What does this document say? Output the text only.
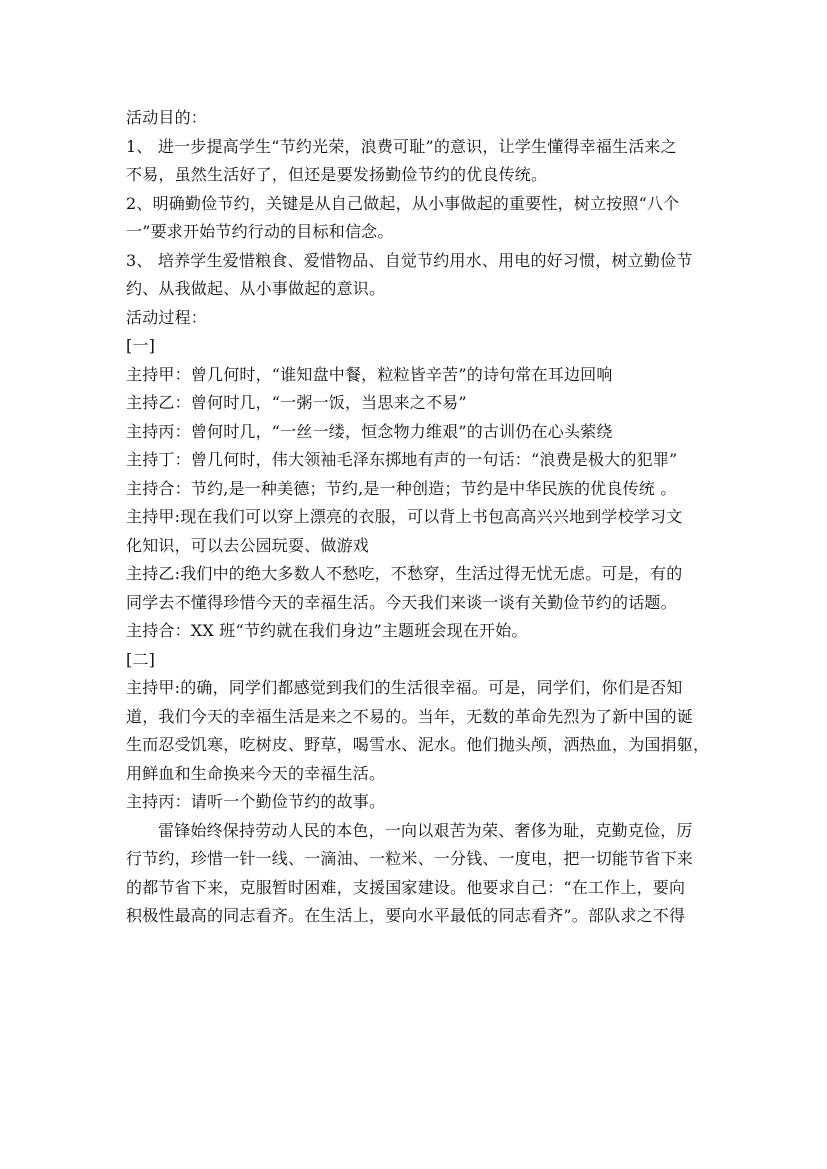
活动目的：
1、 进一步提高学生“节约光荣，浪费可耻”的意识，让学生懂得幸福生活来之
不易，虽然生活好了，但还是要发扬勤俭节约的优良传统。
2、明确勤俭节约，关键是从自己做起，从小事做起的重要性，树立按照“八个
一”要求开始节约行动的目标和信念。
3、 培养学生爱惜粮食、爱惜物品、自觉节约用水、用电的好习惯，树立勤俭节
约、从我做起、从小事做起的意识。
活动过程：
[一]
主持甲：曾几何时，“谁知盘中餐，粒粒皆辛苦”的诗句常在耳边回响
主持乙：曾何时几，“一粥一饭，当思来之不易”
主持丙：曾何时几，“一丝一缕，恒念物力维艰”的古训仍在心头萦绕
主持丁：曾几何时，伟大领袖毛泽东掷地有声的一句话：“浪费是极大的犯罪”
主持合：节约,是一种美德；节约,是一种创造；节约是中华民族的优良传统 。
主持甲:现在我们可以穿上漂亮的衣服，可以背上书包高高兴兴地到学校学习文
化知识，可以去公园玩耍、做游戏
主持乙:我们中的绝大多数人不愁吃，不愁穿，生活过得无忧无虑。可是，有的
同学去不懂得珍惜今天的幸福生活。今天我们来谈一谈有关勤俭节约的话题。
主持合：XX 班“节约就在我们身边”主题班会现在开始。
[二]
主持甲:的确，同学们都感觉到我们的生活很幸福。可是，同学们，你们是否知
道，我们今天的幸福生活是来之不易的。当年，无数的革命先烈为了新中国的诞
生而忍受饥寒，吃树皮、野草，喝雪水、泥水。他们抛头颅，洒热血，为国捐躯，
用鲜血和生命换来今天的幸福生活。
主持丙：请听一个勤俭节约的故事。
雷锋始终保持劳动人民的本色，一向以艰苦为荣、奢侈为耻，克勤克俭，厉
行节约，珍惜一针一线、一滴油、一粒米、一分钱、一度电，把一切能节省下来
的都节省下来，克服暂时困难，支援国家建设。他要求自己：“在工作上，要向
积极性最高的同志看齐。在生活上，要向水平最低的同志看齐”。部队求之不得
